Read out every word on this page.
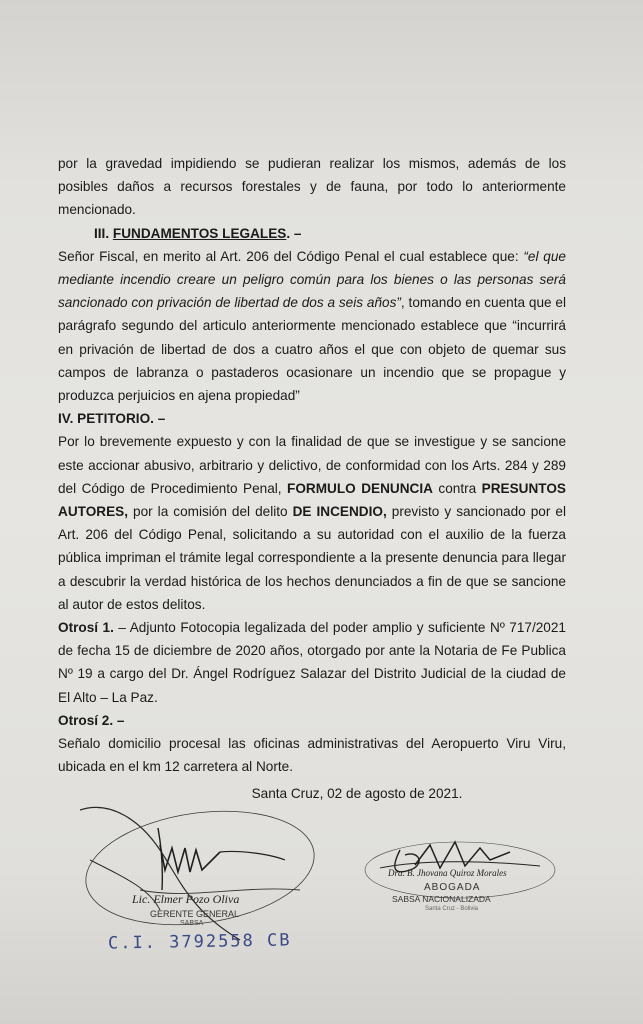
por la gravedad impidiendo se pudieran realizar los mismos, además de los posibles daños a recursos forestales y de fauna, por todo lo anteriormente mencionado.

III. FUNDAMENTOS LEGALES. –

Señor Fiscal, en merito al Art. 206 del Código Penal el cual establece que: “el que mediante incendio creare un peligro común para los bienes o las personas será sancionado con privación de libertad de dos a seis años”, tomando en cuenta que el parágrafo segundo del articulo anteriormente mencionado establece que “incurrirá en privación de libertad de dos a cuatro años el que con objeto de quemar sus campos de labranza o pastaderos ocasionare un incendio que se propague y produzca perjuicios en ajena propiedad”

IV. PETITORIO. –

Por lo brevemente expuesto y con la finalidad de que se investigue y se sancione este accionar abusivo, arbitrario y delictivo, de conformidad con los Arts. 284 y 289 del Código de Procedimiento Penal, FORMULO DENUNCIA contra PRESUNTOS AUTORES, por la comisión del delito DE INCENDIO, previsto y sancionado por el Art. 206 del Código Penal, solicitando a su autoridad con el auxilio de la fuerza pública impriman el trámite legal correspondiente a la presente denuncia para llegar a descubrir la verdad histórica de los hechos denunciados a fin de que se sancione al autor de estos delitos.

Otrosí 1. – Adjunto Fotocopia legalizada del poder amplio y suficiente Nº 717/2021 de fecha 15 de diciembre de 2020 años, otorgado por ante la Notaria de Fe Publica Nº 19 a cargo del Dr. Ángel Rodríguez Salazar del Distrito Judicial de la ciudad de El Alto – La Paz.

Otrosí 2. –

Señalo domicilio procesal las oficinas administrativas del Aeropuerto Viru Viru, ubicada en el km 12 carretera al Norte.

Santa Cruz, 02 de agosto de 2021.

Lic. Elmer Pozo Oliva
GERENTE GENERAL
SABSA
Dra. B. Jhovana Quiroz Morales
ABOGADA
SABSA NACIONALIZADA
Santa Cruz - Bolivia
C.I. 3792558 CB
